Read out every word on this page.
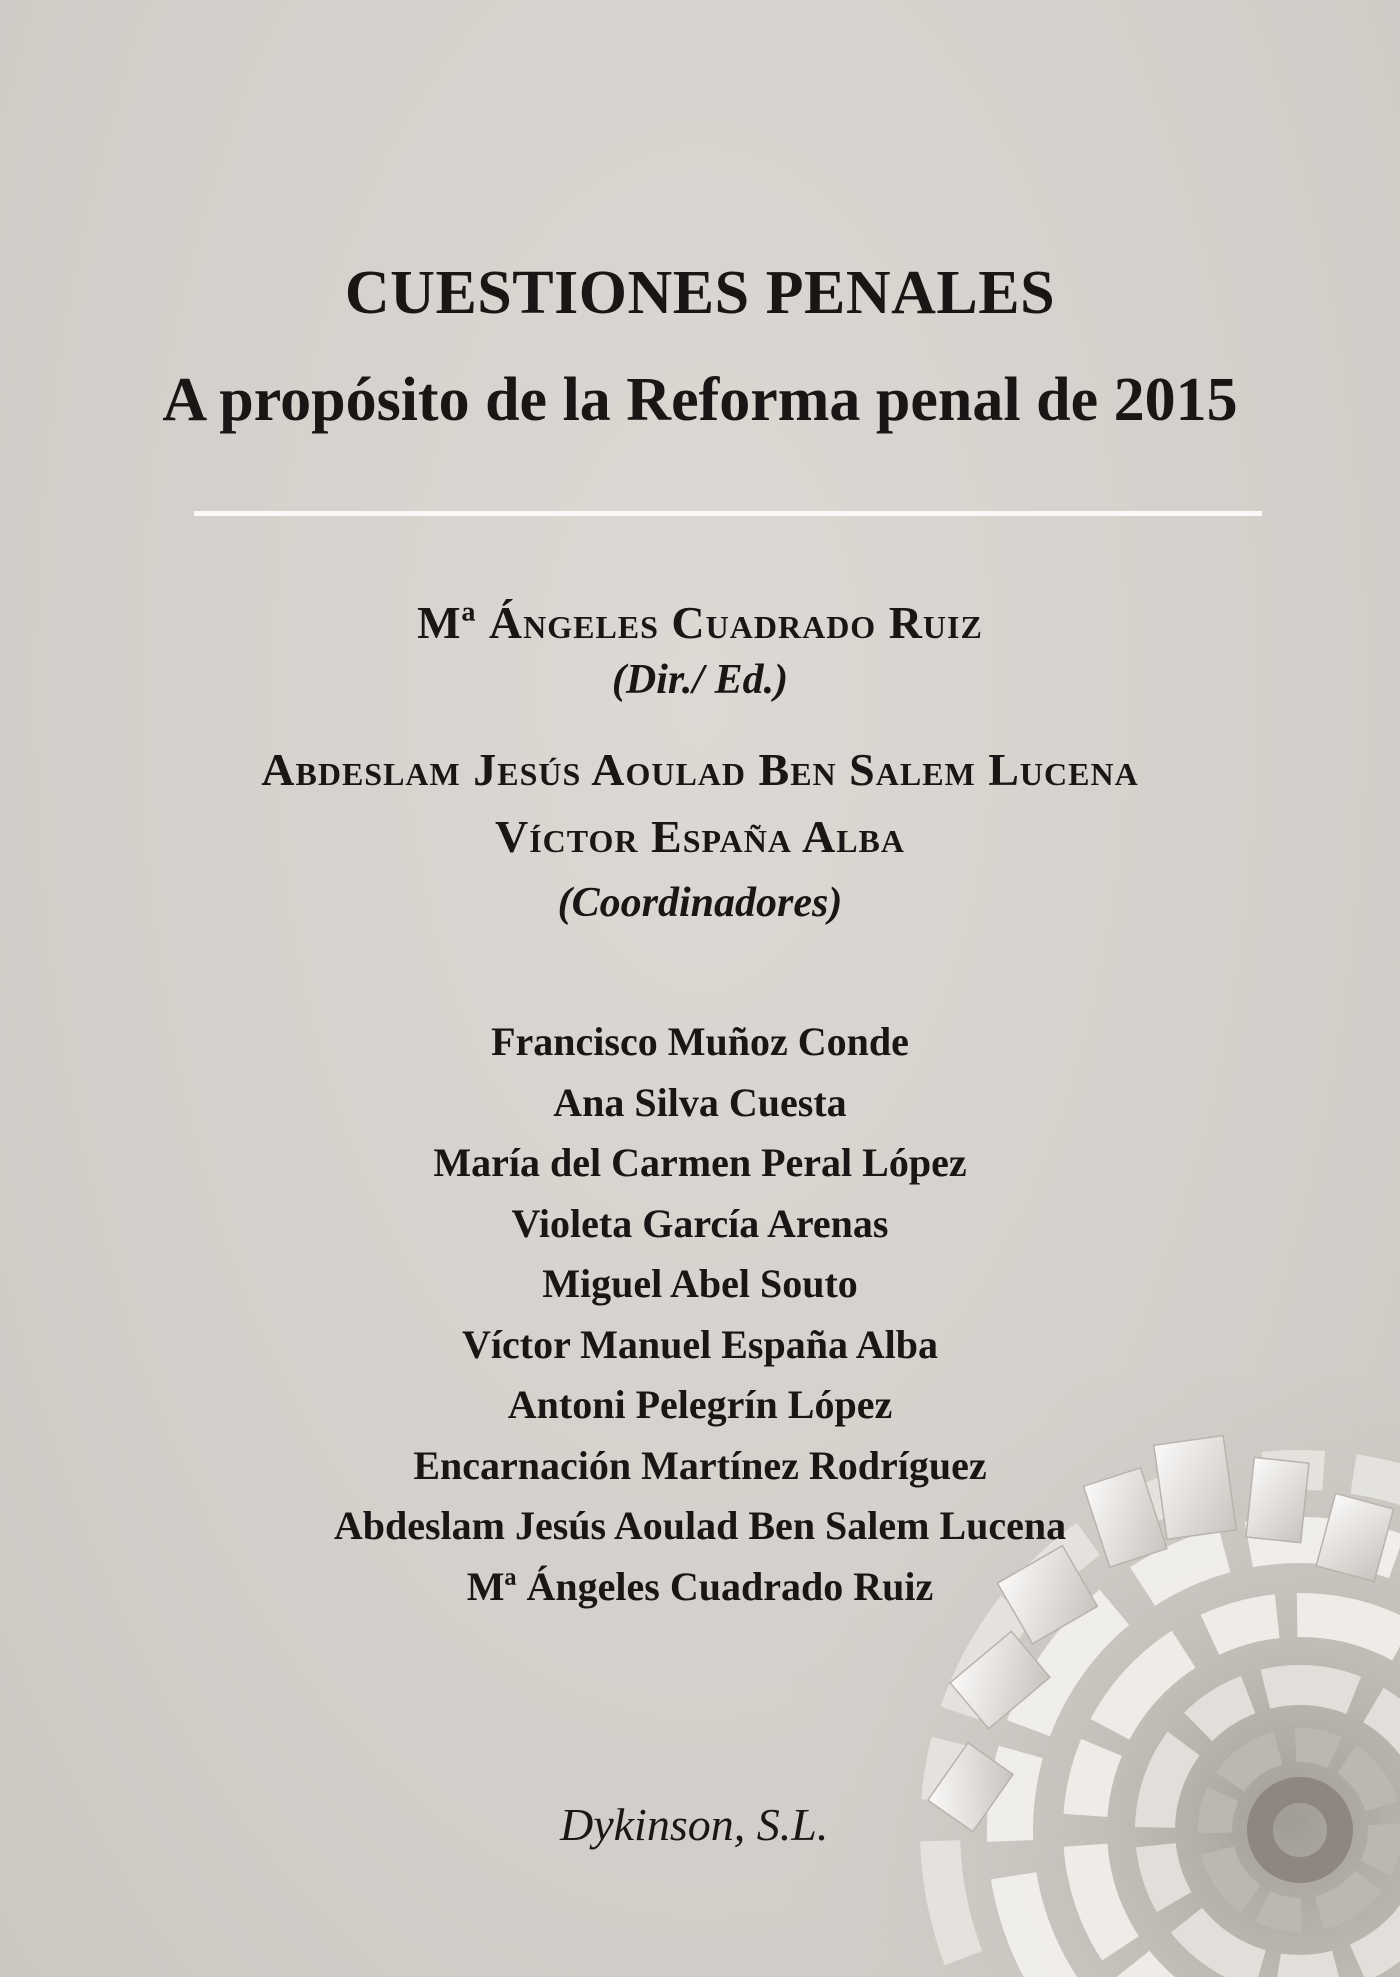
CUESTIONES PENALES
A propósito de la Reforma penal de 2015
Mª Ángeles Cuadrado Ruiz
(Dir./ Ed.)
Abdeslam Jesús Aoulad Ben Salem Lucena
Víctor España Alba
(Coordinadores)
Francisco Muñoz Conde
Ana Silva Cuesta
María del Carmen Peral López
Violeta García Arenas
Miguel Abel Souto
Víctor Manuel España Alba
Antoni Pelegrín López
Encarnación Martínez Rodríguez
Abdeslam Jesús Aoulad Ben Salem Lucena
Mª Ángeles Cuadrado Ruiz
Dykinson, S.L.
